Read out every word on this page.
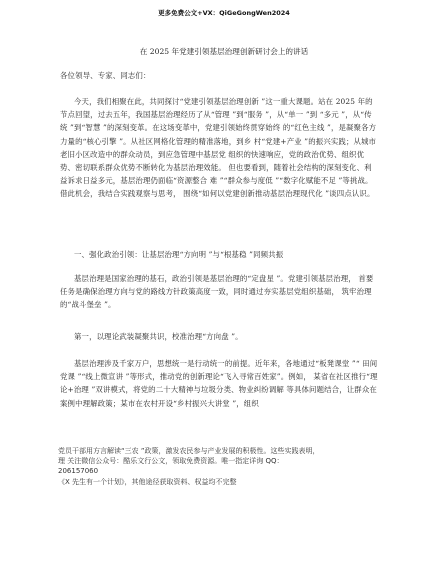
更多免费公文+VX：QiGeGongWen2024
在 2025 年党建引领基层治理创新研讨会上的讲话

各位领导、专家、同志们：

今天，我们相聚在此，共同探讨“党建引领基层治理创新 ”这一重大课题。站在 2025 年的节点回望，过去五年，我国基层治理经历了从“管理 ”到“服务 ”，从“单一 ”到 “多元 ”，从“传统 ”到“智慧 ”的深刻变革。在这场变革中，党建引领始终贯穿始终 的“红色主线 ”，是凝聚各方力量的“核心引擎 ”。从社区网格化管理的精准落地，到乡 村“党建+产业 ”的振兴实践；从城市老旧小区改造中的群众动员，到应急管理中基层党 组织的快速响应，党的政治优势、组织优势、密切联系群众优势不断转化为基层治理效能。 但也要看到，随着社会结构的深刻变化、利益诉求日益多元，基层治理仍面临“资源整合 难 ”“群众参与度低 ”“数字化赋能不足 ”等挑战。借此机会，我结合实践观察与思考， 围绕“如何以党建创新推动基层治理现代化 ”谈四点认识。

一、强化政治引领：让基层治理“方向明 ”与“根基稳 ”同频共振

基层治理是国家治理的基石，政治引领是基层治理的“定盘星 ”。党建引领基层治理， 首要任务是确保治理方向与党的路线方针政策高度一致，同时通过夯实基层党组织基础， 筑牢治理的“战斗堡垒 ”。

第一，以理论武装凝聚共识，校准治理“方向盘 ”。

基层治理涉及千家万户，思想统一是行动统一的前提。近年来，各地通过“板凳课堂 ”“ 田间党课 ”“线上微宣讲 ”等形式，推动党的创新理论“飞入寻常百姓家”。例如， 某省在社区推行“理论+治理 ”双讲模式，将党的二十大精神与垃圾分类、物业纠纷调解 等具体问题结合，让群众在案例中理解政策；某市在农村开设“乡村振兴大讲堂 ”，组织

党员干部用方言解读“三农 ”政策，激发农民参与产业发展的积极性。这些实践表明，
理 关注微信公众号：酷乐文行公文，领取免费资源。唯一指定详询 QQ：
206157060
《X 先生有一个计划》，其他途径获取资料、权益均不完整
